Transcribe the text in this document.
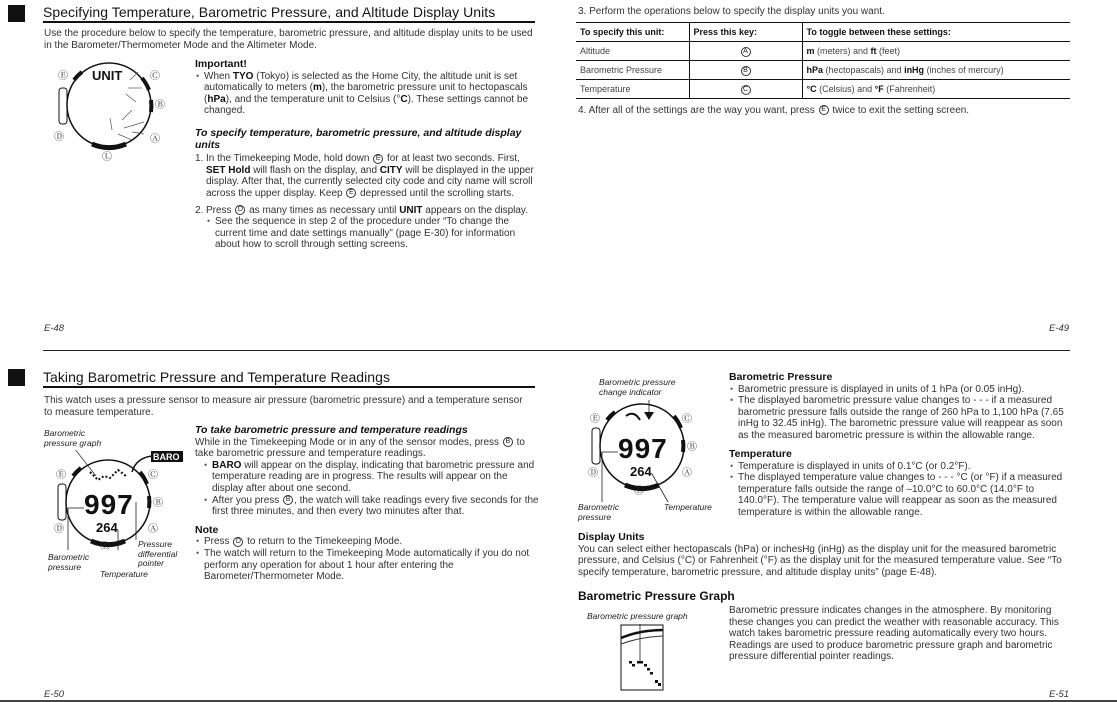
Specifying Temperature, Barometric Pressure, and Altitude Display Units
Use the procedure below to specify the temperature, barometric pressure, and altitude display units to be used in the Barometer/Thermometer Mode and the Altimeter Mode.
UNIT
Ⓔ	Ⓒ
Ⓑ
Ⓐ
Ⓓ
Ⓛ
Important!
• When TYO (Tokyo) is selected as the Home City, the altitude unit is set automatically to meters (m), the barometric pressure unit to hectopascals (hPa), and the temperature unit to Celsius (°C). These settings cannot be changed.
To specify temperature, barometric pressure, and altitude display units
1. In the Timekeeping Mode, hold down E for at least two seconds. First, SET Hold will flash on the display, and CITY will be displayed in the upper display. After that, the currently selected city code and city name will scroll across the upper display. Keep E depressed until the scrolling starts.
2. Press D as many times as necessary until UNIT appears on the display.
• See the sequence in step 2 of the procedure under “To change the current time and date settings manually” (page E-30) for information about how to scroll through setting screens.
E-48
3. Perform the operations below to specify the display units you want.
To specify this unit:	Press this key:	To toggle between these settings:
Altitude	A	m (meters) and ft (feet)
Barometric Pressure	B	hPa (hectopascals) and inHg (inches of mercury)
Temperature	C	°C (Celsius) and °F (Fahrenheit)
4. After all of the settings are the way you want, press E twice to exit the setting screen.
E-49
Taking Barometric Pressure and Temperature Readings
This watch uses a pressure sensor to measure air pressure (barometric pressure) and a temperature sensor to measure temperature.
Barometric pressure graph
BARO
997
264
Ⓔ	Ⓒ
Ⓑ
Ⓐ
Ⓓ
Ⓛ
Barometric pressure
Pressure differential pointer
Temperature
To take barometric pressure and temperature readings
While in the Timekeeping Mode or in any of the sensor modes, press B to take barometric pressure and temperature readings.
• BARO will appear on the display, indicating that barometric pressure and temperature reading are in progress. The results will appear on the display after about one second.
• After you press B , the watch will take readings every five seconds for the first three minutes, and then every two minutes after that.
Note
• Press D to return to the Timekeeping Mode.
• The watch will return to the Timekeeping Mode automatically if you do not perform any operation for about 1 hour after entering the Barometer/Thermometer Mode.
E-50
Barometric pressure change indicator
997
264
Ⓔ	Ⓒ
Ⓑ
Ⓐ
Ⓓ
Ⓛ
Barometric pressure
Temperature
Barometric Pressure
• Barometric pressure is displayed in units of 1 hPa (or 0.05 inHg).
• The displayed barometric pressure value changes to - - - if a measured barometric pressure falls outside the range of 260 hPa to 1,100 hPa (7.65 inHg to 32.45 inHg). The barometric pressure value will reappear as soon as the measured barometric pressure is within the allowable range.
Temperature
• Temperature is displayed in units of 0.1°C (or 0.2°F).
• The displayed temperature value changes to - - - °C (or °F) if a measured temperature falls outside the range of –10.0°C to 60.0°C (14.0°F to 140.0°F). The temperature value will reappear as soon as the measured temperature is within the allowable range.
Display Units
You can select either hectopascals (hPa) or inchesHg (inHg) as the display unit for the measured barometric pressure, and Celsius (°C) or Fahrenheit (°F) as the display unit for the measured temperature value. See “To specify temperature, barometric pressure, and altitude display units” (page E-48).
Barometric Pressure Graph
Barometric pressure graph	Barometric pressure indicates changes in the atmosphere. By monitoring these changes you can predict the weather with reasonable accuracy. This watch takes barometric pressure reading automatically every two hours. Readings are used to produce barometric pressure graph and barometric pressure differential pointer readings.
E-51
